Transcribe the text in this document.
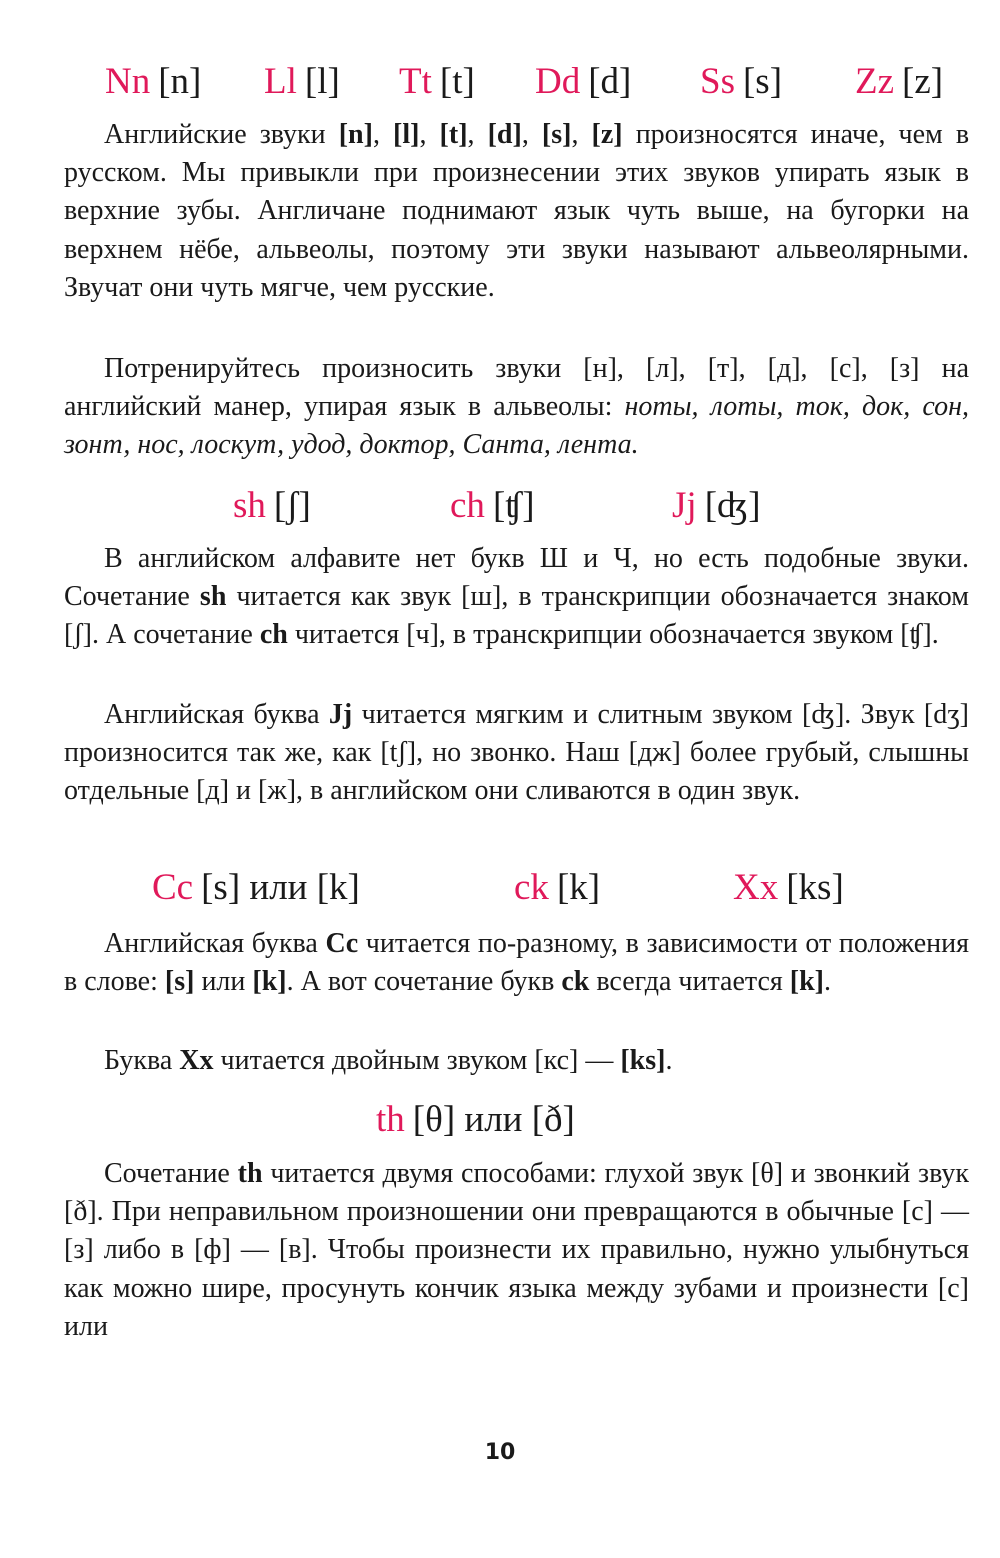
Nn [n] Ll [l] Tt [t] Dd [d] Ss [s] Zz [z]

Английские звуки [n], [l], [t], [d], [s], [z] произносятся иначе, чем в русском. Мы привыкли при произнесении этих звуков упирать язык в верхние зубы. Англичане поднимают язык чуть выше, на бугорки на верхнем нёбе, альвеолы, поэтому эти звуки называют альвеолярными. Звучат они чуть мягче, чем русские.

Потренируйтесь произносить звуки [н], [л], [т], [д], [с], [з] на английский манер, упирая язык в альвеолы: ноты, лоты, ток, док, сон, зонт, нос, лоскут, удод, доктор, Санта, лента.

sh [ʃ]	ch [ʧ]	Jj [ʤ]

В английском алфавите нет букв Ш и Ч, но есть подобные звуки. Сочетание sh читается как звук [ш], в транскрипции обозначается знаком [ʃ]. А сочетание ch читается [ч], в транскрипции обозначается звуком [ʧ].

Английская буква Jj читается мягким и слитным звуком [ʤ]. Звук [dʒ] произносится так же, как [tʃ], но звонко. Наш [дж] более грубый, слышны отдельные [д] и [ж], в английском они сливаются в один звук.

Cc [s] или [k]	ck [k]	Xx [ks]

Английская буква Cc читается по-разному, в зависимости от положения в слове: [s] или [k]. А вот сочетание букв ck всегда читается [k].

Буква Xx читается двойным звуком [кс] — [ks].

th [θ] или [ð]

Сочетание th читается двумя способами: глухой звук [θ] и звонкий звук [ð]. При неправильном произношении они превращаются в обычные [с] — [з] либо в [ф] — [в]. Чтобы произнести их правильно, нужно улыбнуться как можно шире, просунуть кончик языка между зубами и произнести [с] или

10
